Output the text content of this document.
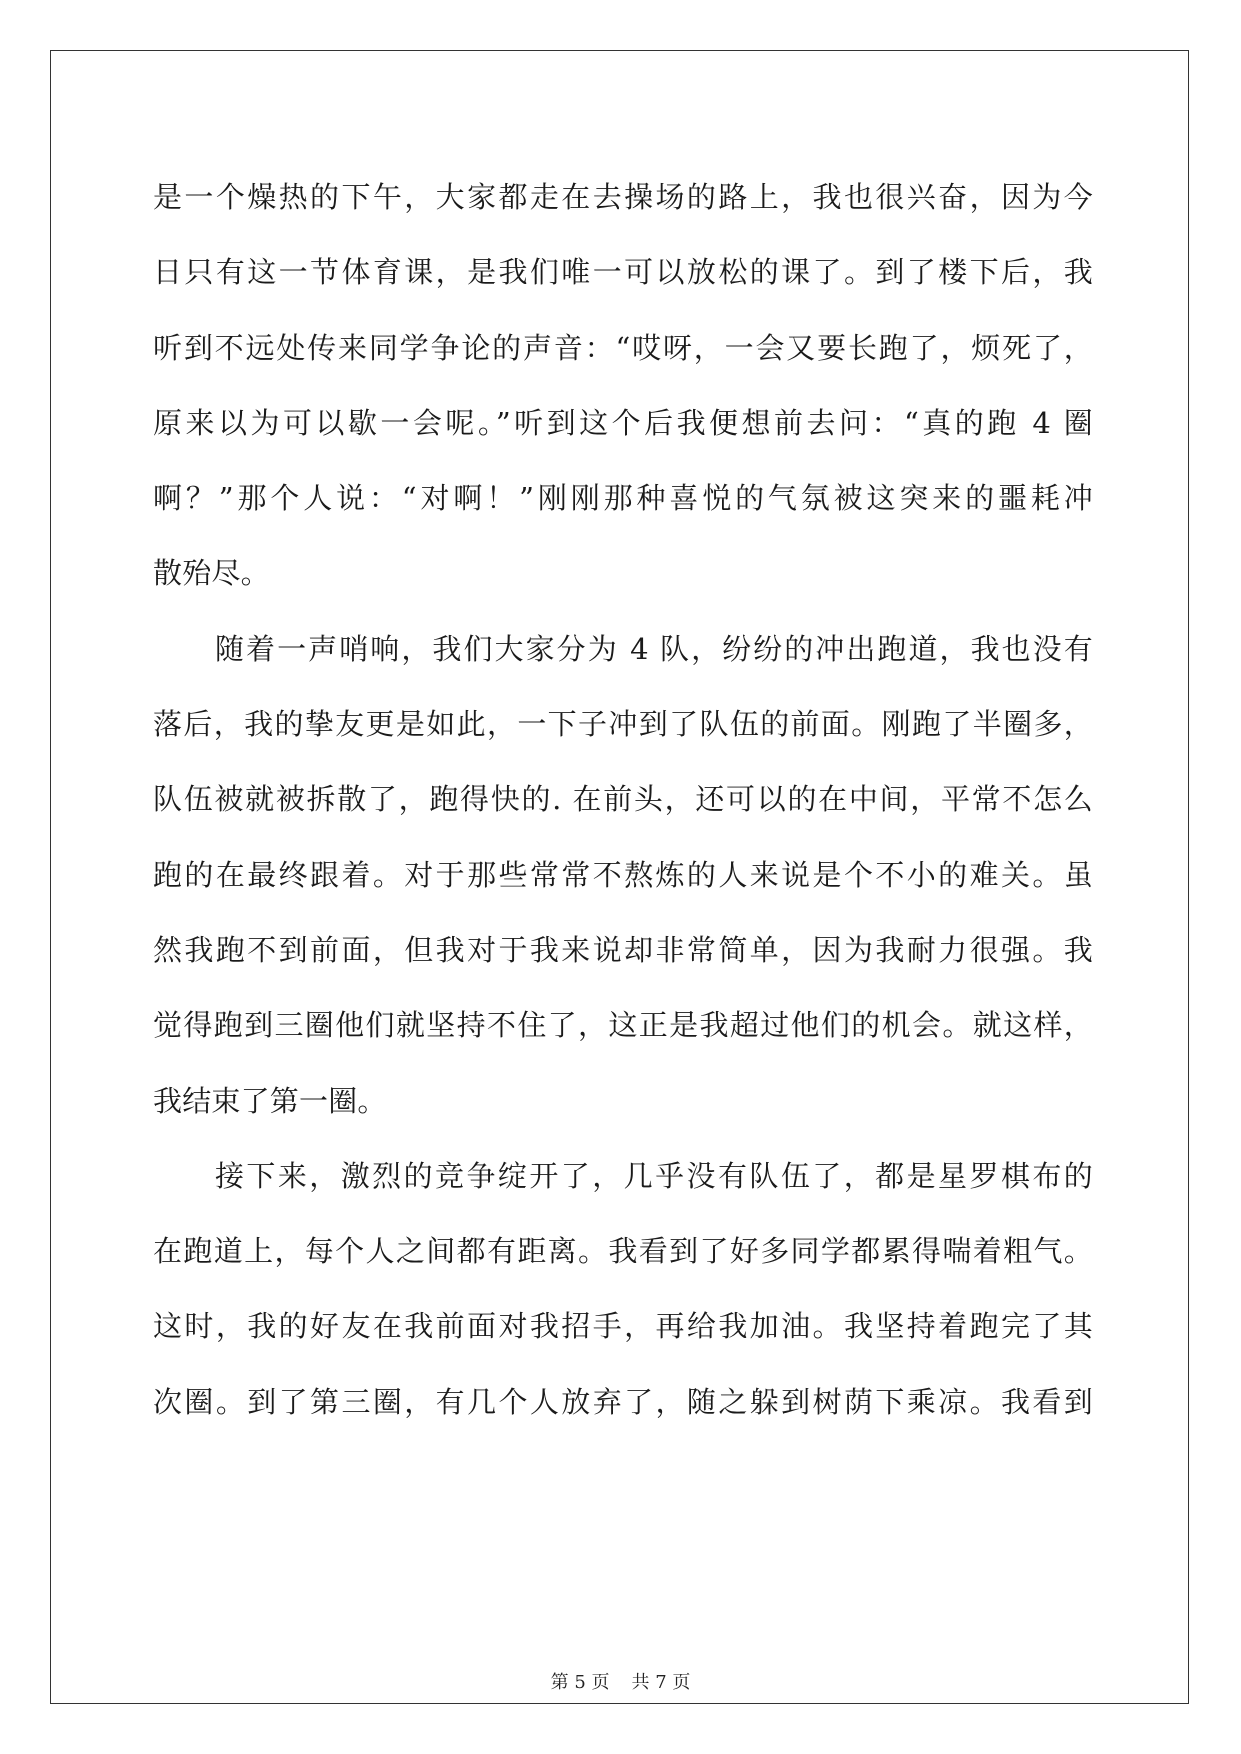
是一个燥热的下午，大家都走在去操场的路上，我也很兴奋，因为今
日只有这一节体育课，是我们唯一可以放松的课了。到了楼下后，我
听到不远处传来同学争论的声音：“哎呀，一会又要长跑了，烦死了，
原来以为可以歇一会呢。”听到这个后我便想前去问：“真的跑 4 圈
啊？”那个人说：“对啊！”刚刚那种喜悦的气氛被这突来的噩耗冲
散殆尽。
随着一声哨响，我们大家分为 4 队，纷纷的冲出跑道，我也没有
落后，我的挚友更是如此，一下子冲到了队伍的前面。刚跑了半圈多，
队伍被就被拆散了，跑得快的. 在前头，还可以的在中间，平常不怎么
跑的在最终跟着。对于那些常常不熬炼的人来说是个不小的难关。虽
然我跑不到前面，但我对于我来说却非常简单，因为我耐力很强。我
觉得跑到三圈他们就坚持不住了，这正是我超过他们的机会。就这样，
我结束了第一圈。
接下来，激烈的竞争绽开了，几乎没有队伍了，都是星罗棋布的
在跑道上，每个人之间都有距离。我看到了好多同学都累得喘着粗气。
这时，我的好友在我前面对我招手，再给我加油。我坚持着跑完了其
次圈。到了第三圈，有几个人放弃了，随之躲到树荫下乘凉。我看到
第 5 页 共 7 页
